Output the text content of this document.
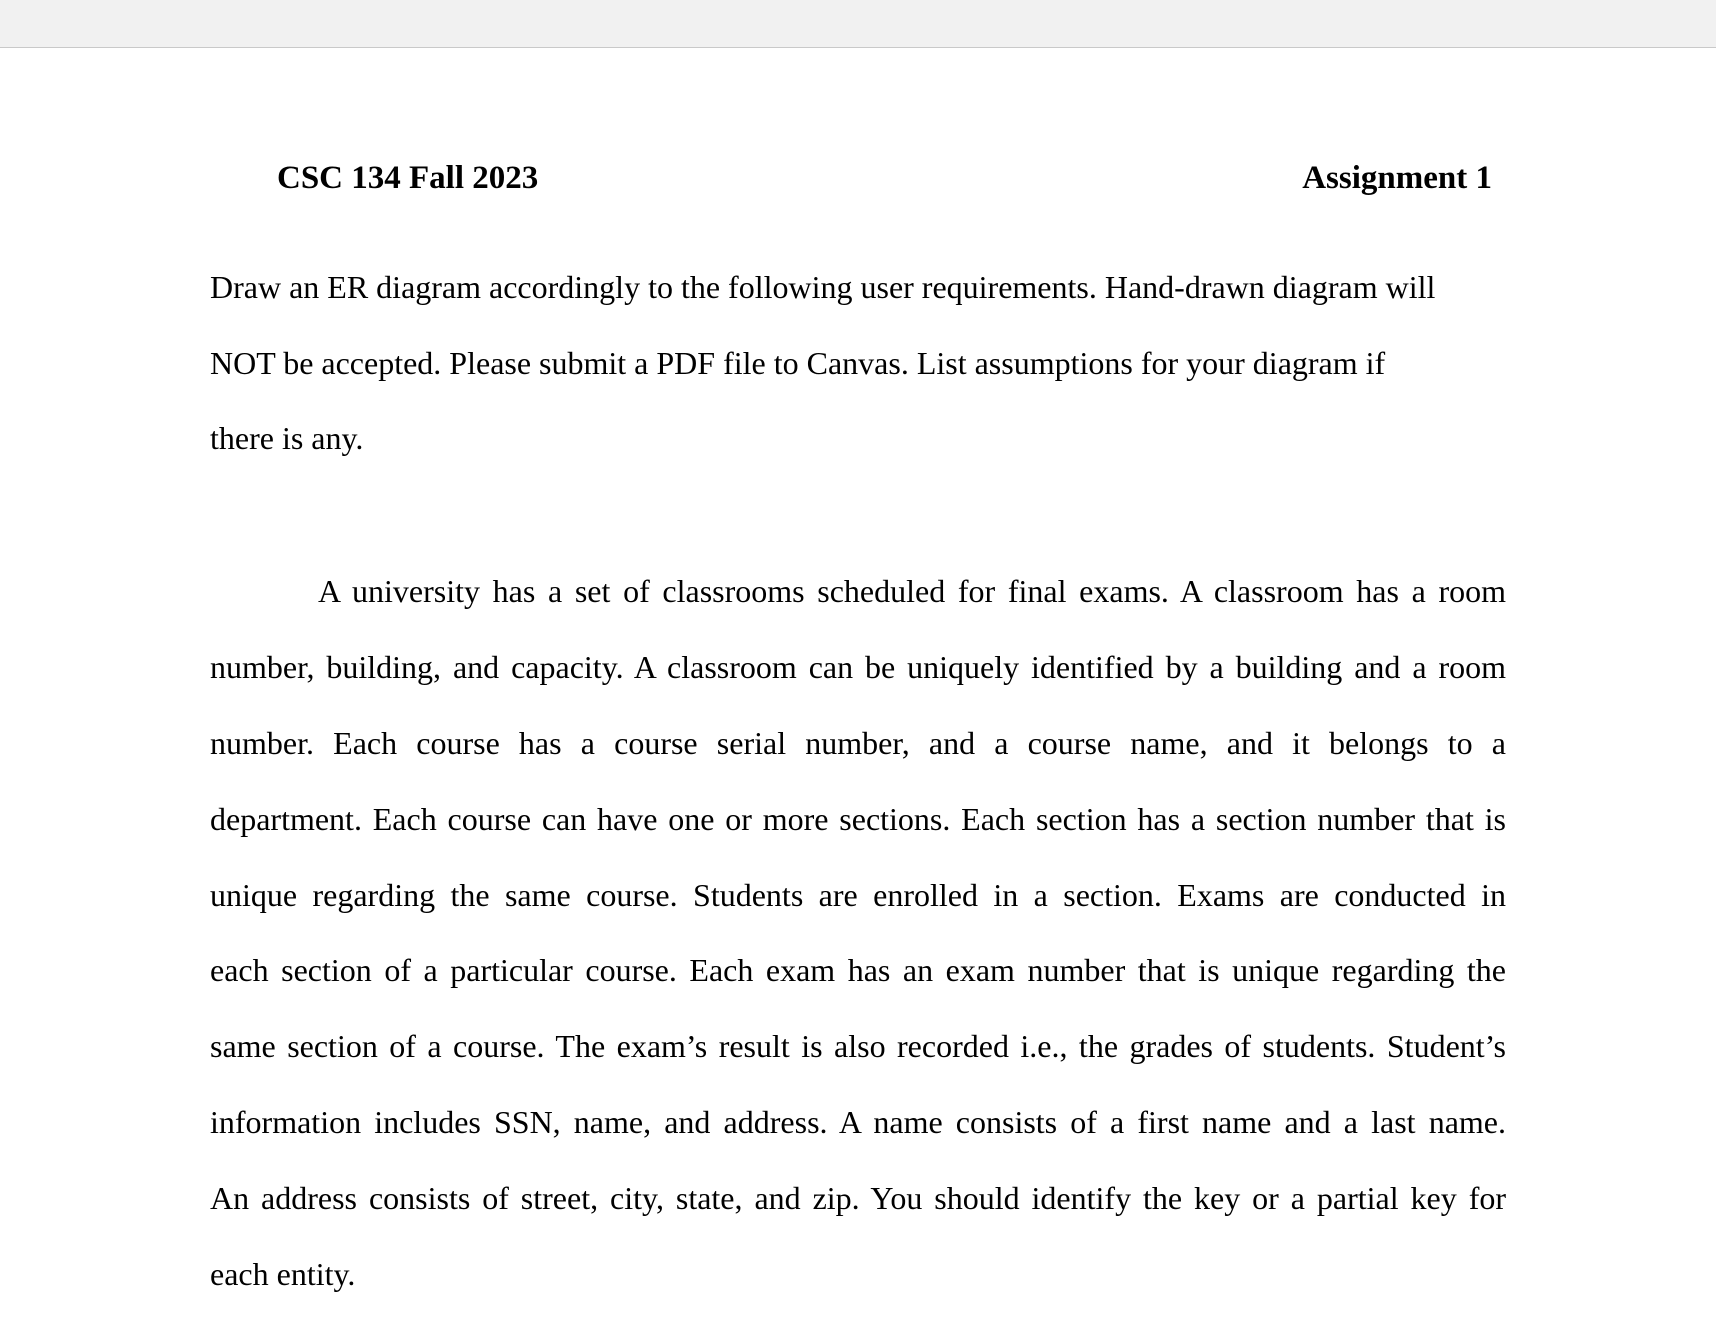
CSC 134 Fall 2023	Assignment 1
Draw an ER diagram accordingly to the following user requirements. Hand-drawn diagram will
NOT be accepted. Please submit a PDF file to Canvas. List assumptions for your diagram if
there is any.
A university has a set of classrooms scheduled for final exams. A classroom has a room
number, building, and capacity. A classroom can be uniquely identified by a building and a room
number. Each course has a course serial number, and a course name, and it belongs to a
department. Each course can have one or more sections. Each section has a section number that is
unique regarding the same course. Students are enrolled in a section. Exams are conducted in
each section of a particular course. Each exam has an exam number that is unique regarding the
same section of a course. The exam’s result is also recorded i.e., the grades of students. Student’s
information includes SSN, name, and address. A name consists of a first name and a last name.
An address consists of street, city, state, and zip. You should identify the key or a partial key for
each entity.
